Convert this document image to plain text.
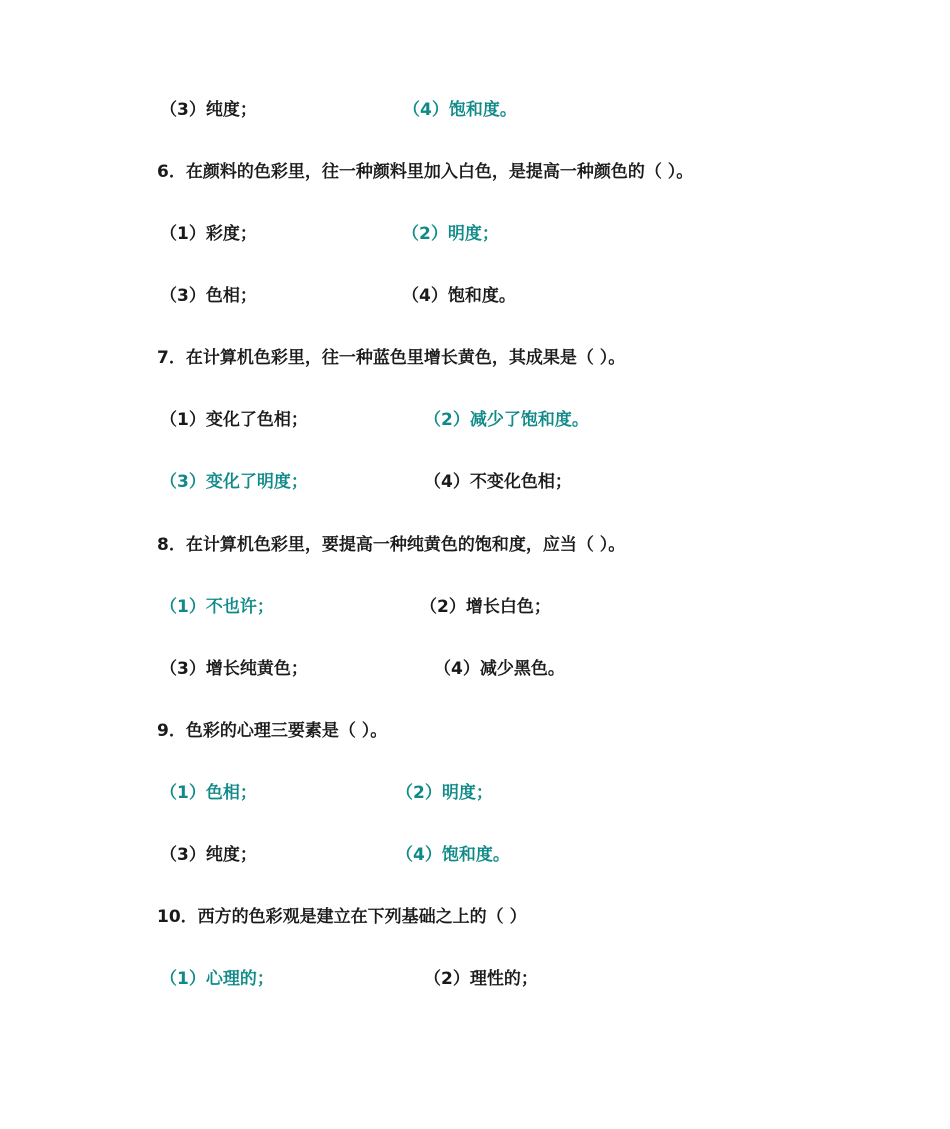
（3）纯度；	（4）饱和度。
6．在颜料的色彩里，往一种颜料里加入白色，是提高一种颜色的（ ）。
（1）彩度；	（2）明度；
（3）色相；	（4）饱和度。
7．在计算机色彩里，往一种蓝色里增长黄色，其成果是（ ）。
（1）变化了色相；	（2）减少了饱和度。
（3）变化了明度；	（4）不变化色相；
8．在计算机色彩里，要提高一种纯黄色的饱和度，应当（ ）。
（1）不也许；	（2）增长白色；
（3）增长纯黄色；	（4）减少黑色。
9．色彩的心理三要素是（ ）。
（1）色相；	（2）明度；
（3）纯度；	（4）饱和度。
10．西方的色彩观是建立在下列基础之上的（ ）
（1）心理的；	（2）理性的；
